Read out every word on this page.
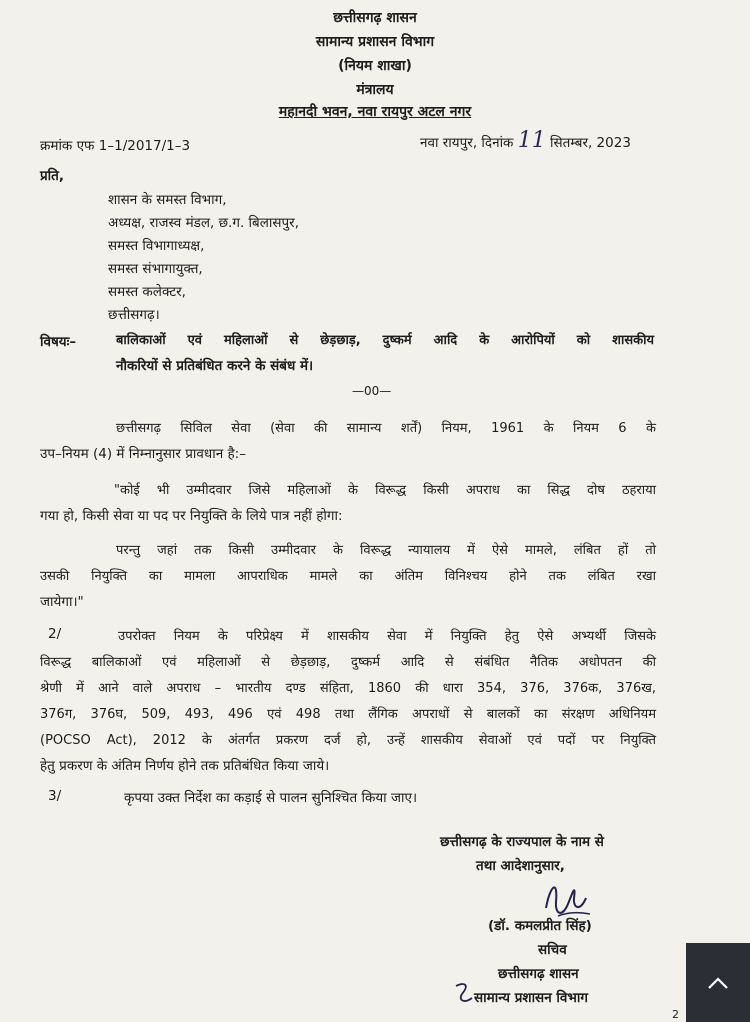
छत्तीसगढ़ शासन
सामान्य प्रशासन विभाग
(नियम शाखा)
मंत्रालय
महानदी भवन, नवा रायपुर अटल नगर
क्रमांक एफ 1–1/2017/1–3	नवा रायपुर, दिनांक 11 सितम्बर, 2023
प्रति,
शासन के समस्त विभाग,
अध्यक्ष, राजस्व मंडल, छ.ग. बिलासपुर,
समस्त विभागाध्यक्ष,
समस्त संभागायुक्त,
समस्त कलेक्टर,
छत्तीसगढ़।
विषयः–	बालिकाओं एवं महिलाओं से छेड़छाड़, दुष्कर्म आदि के आरोपियों को शासकीय
नौकरियों से प्रतिबंधित करने के संबंध में।
—00—
छत्तीसगढ़ सिविल सेवा (सेवा की सामान्य शर्तें) नियम, 1961 के नियम 6 के
उप–नियम (4) में निम्नानुसार प्रावधान है:–
"कोई भी उम्मीदवार जिसे महिलाओं के विरूद्ध किसी अपराध का सिद्ध दोष ठहराया
गया हो, किसी सेवा या पद पर नियुक्ति के लिये पात्र नहीं होगा:
परन्तु जहां तक किसी उम्मीदवार के विरूद्ध न्यायालय में ऐसे मामले, लंबित हों तो
उसकी नियुक्ति का मामला आपराधिक मामले का अंतिम विनिश्चय होने तक लंबित रखा
जायेगा।"
2/	उपरोक्त नियम के परिप्रेक्ष्य में शासकीय सेवा में नियुक्ति हेतु ऐसे अभ्यर्थी जिसके
विरूद्ध बालिकाओं एवं महिलाओं से छेड़छाड़, दुष्कर्म आदि से संबंधित नैतिक अधोपतन की
श्रेणी में आने वाले अपराध – भारतीय दण्ड संहिता, 1860 की धारा 354, 376, 376क, 376ख,
376ग, 376घ, 509, 493, 496 एवं 498 तथा लैंगिक अपराधों से बालकों का संरक्षण अधिनियम
(POCSO Act), 2012 के अंतर्गत प्रकरण दर्ज हो, उन्हें शासकीय सेवाओं एवं पदों पर नियुक्ति
हेतु प्रकरण के अंतिम निर्णय होने तक प्रतिबंधित किया जाये।
3/	कृपया उक्त निर्देश का कड़ाई से पालन सुनिश्चित किया जाए।
छत्तीसगढ़ के राज्यपाल के नाम से
तथा आदेशानुसार,
(डॉ. कमलप्रीत सिंह)
सचिव
छत्तीसगढ़ शासन
सामान्य प्रशासन विभाग
2
